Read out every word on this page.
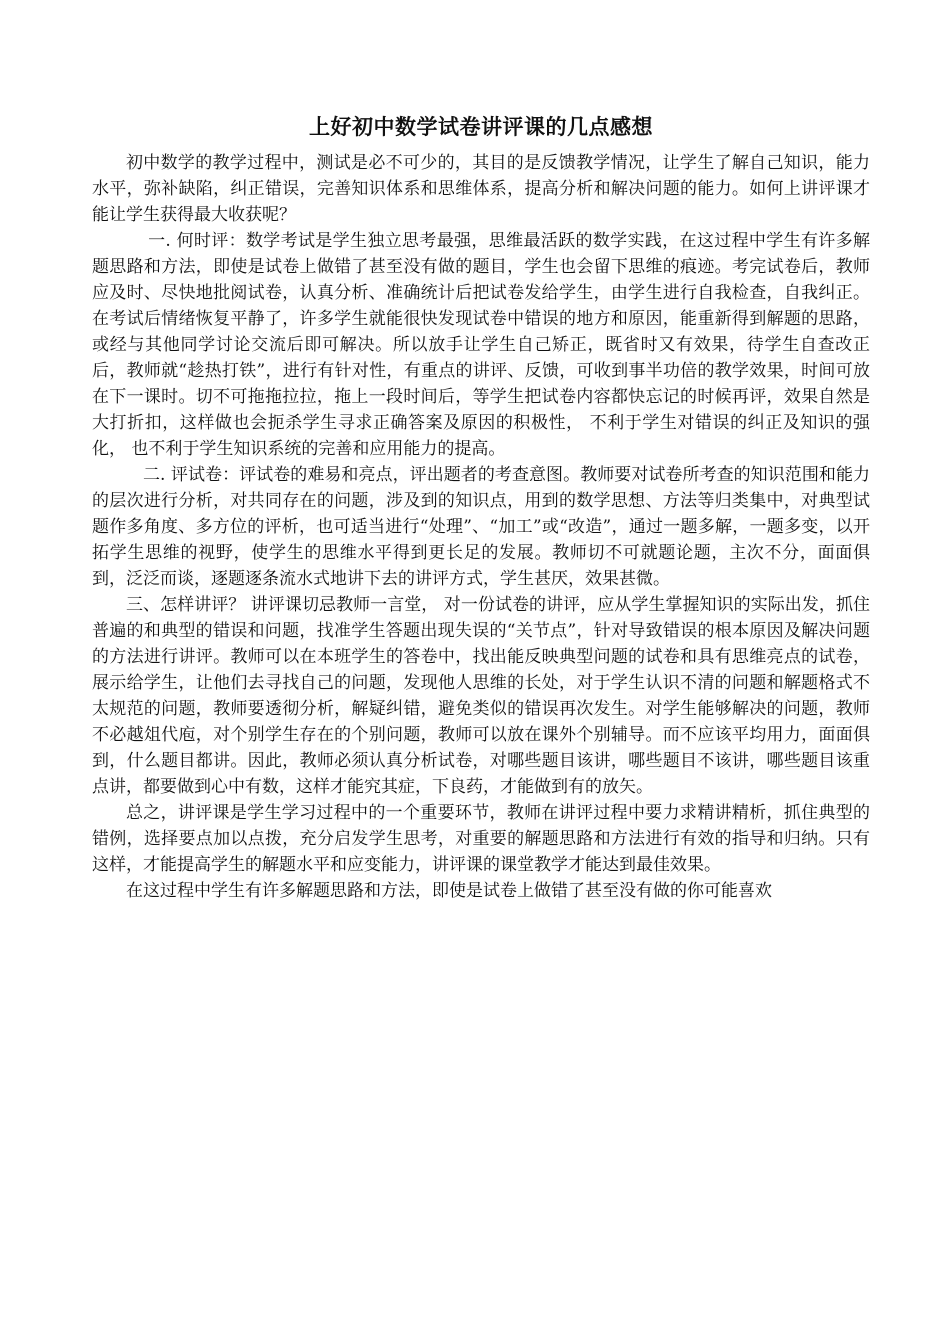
上好初中数学试卷讲评课的几点感想

初中数学的教学过程中，测试是必不可少的，其目的是反馈教学情况，让学生了解自己知识，能力水平，弥补缺陷，纠正错误，完善知识体系和思维体系，提高分析和解决问题的能力。如何上讲评课才能让学生获得最大收获呢？

一. 何时评：数学考试是学生独立思考最强，思维最活跃的数学实践，在这过程中学生有许多解题思路和方法，即使是试卷上做错了甚至没有做的题目，学生也会留下思维的痕迹。考完试卷后，教师应及时、尽快地批阅试卷，认真分析、准确统计后把试卷发给学生，由学生进行自我检查，自我纠正。在考试后情绪恢复平静了，许多学生就能很快发现试卷中错误的地方和原因，能重新得到解题的思路，或经与其他同学讨论交流后即可解决。所以放手让学生自己矫正，既省时又有效果，待学生自查改正后，教师就“趁热打铁”，进行有针对性，有重点的讲评、反馈，可收到事半功倍的教学效果，时间可放在下一课时。切不可拖拖拉拉，拖上一段时间后，等学生把试卷内容都快忘记的时候再评，效果自然是大打折扣，这样做也会扼杀学生寻求正确答案及原因的积极性， 不利于学生对错误的纠正及知识的强化， 也不利于学生知识系统的完善和应用能力的提高。

二. 评试卷：评试卷的难易和亮点，评出题者的考查意图。教师要对试卷所考查的知识范围和能力的层次进行分析，对共同存在的问题，涉及到的知识点，用到的数学思想、方法等归类集中，对典型试题作多角度、多方位的评析，也可适当进行“处理”、“加工”或“改造”，通过一题多解，一题多变，以开拓学生思维的视野，使学生的思维水平得到更长足的发展。教师切不可就题论题，主次不分，面面俱到，泛泛而谈，逐题逐条流水式地讲下去的讲评方式，学生甚厌，效果甚微。

三、怎样讲评？ 讲评课切忌教师一言堂， 对一份试卷的讲评，应从学生掌握知识的实际出发，抓住普遍的和典型的错误和问题，找准学生答题出现失误的“关节点”，针对导致错误的根本原因及解决问题的方法进行讲评。教师可以在本班学生的答卷中，找出能反映典型问题的试卷和具有思维亮点的试卷，展示给学生，让他们去寻找自己的问题，发现他人思维的长处，对于学生认识不清的问题和解题格式不太规范的问题，教师要透彻分析，解疑纠错，避免类似的错误再次发生。对学生能够解决的问题，教师不必越俎代庖，对个别学生存在的个别问题，教师可以放在课外个别辅导。而不应该平均用力，面面俱到，什么题目都讲。因此，教师必须认真分析试卷，对哪些题目该讲，哪些题目不该讲，哪些题目该重点讲，都要做到心中有数，这样才能究其症，下良药，才能做到有的放矢。

总之，讲评课是学生学习过程中的一个重要环节，教师在讲评过程中要力求精讲精析，抓住典型的错例，选择要点加以点拨，充分启发学生思考，对重要的解题思路和方法进行有效的指导和归纳。只有这样，才能提高学生的解题水平和应变能力，讲评课的课堂教学才能达到最佳效果。

在这过程中学生有许多解题思路和方法，即使是试卷上做错了甚至没有做的你可能喜欢
